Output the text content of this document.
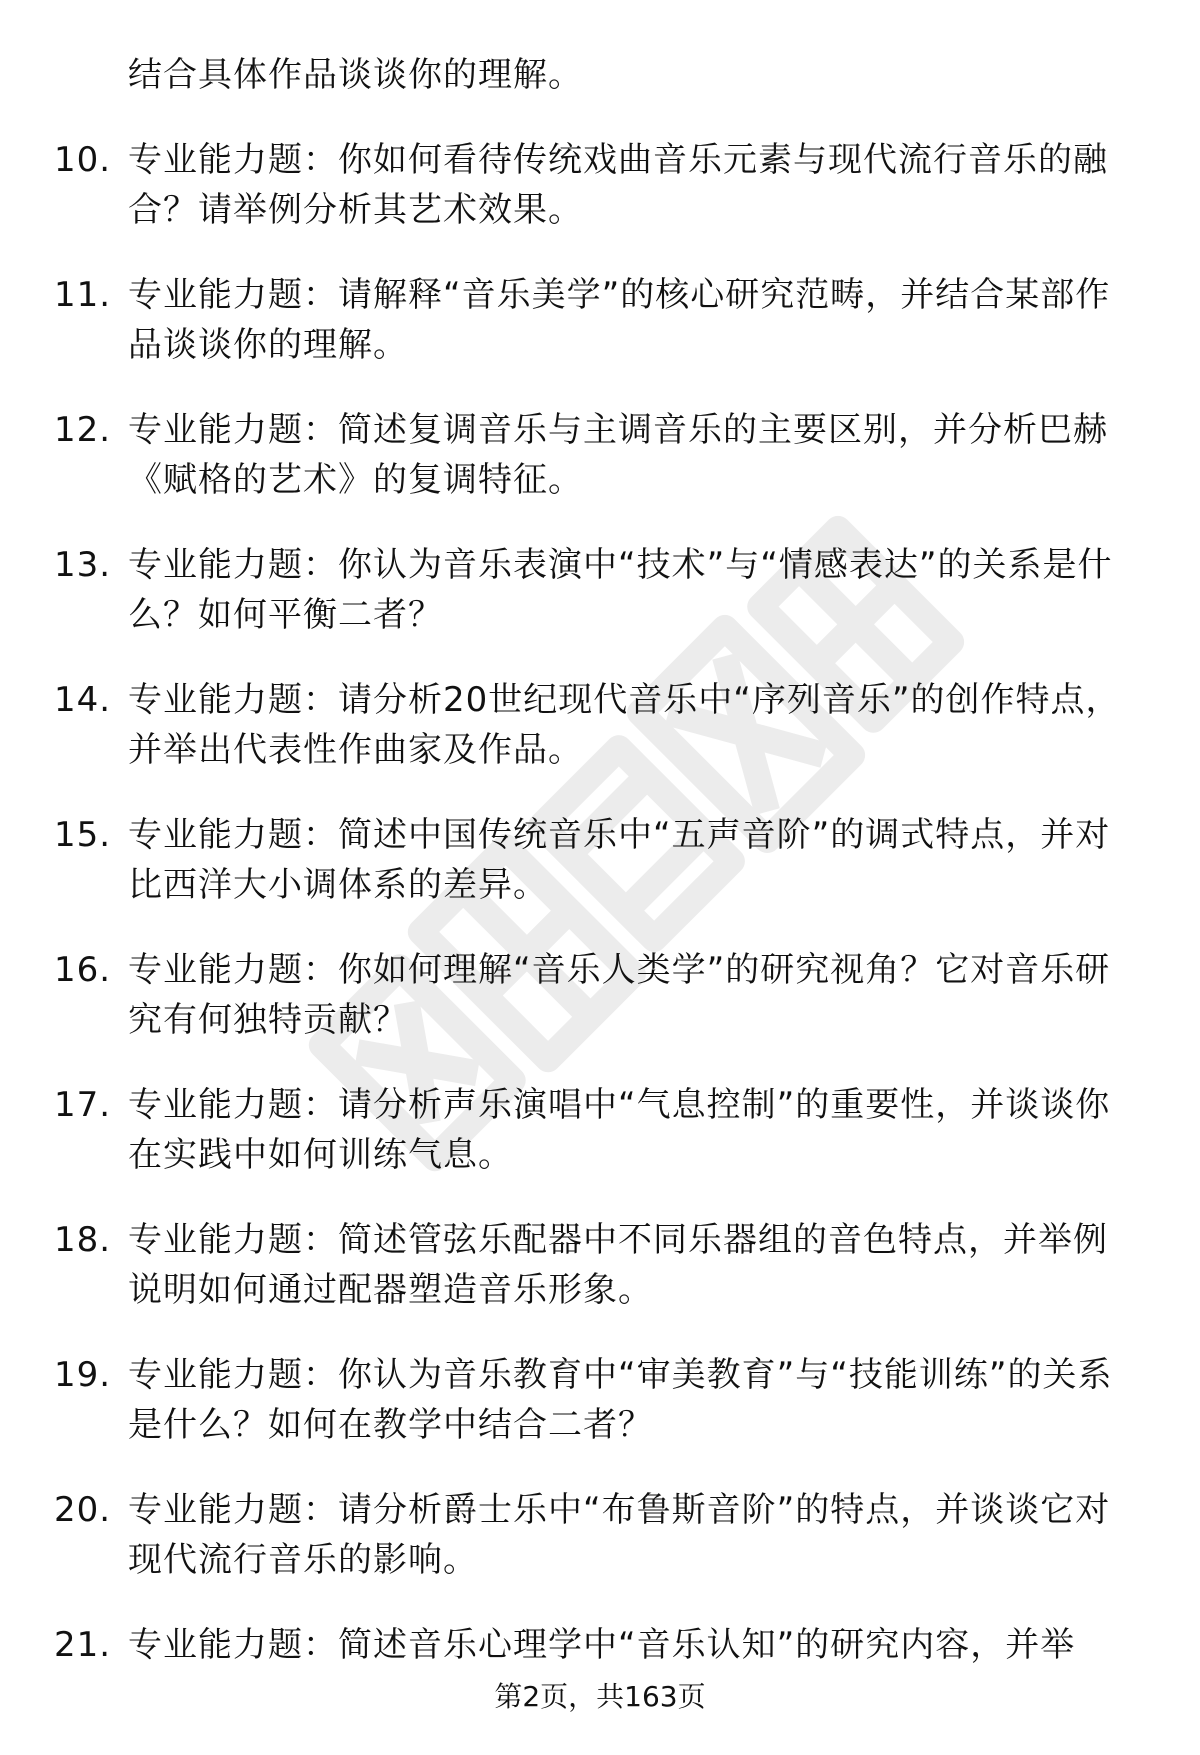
结合具体作品谈谈你的理解。
10. 专业能力题：你如何看待传统戏曲音乐元素与现代流行音乐的融合？请举例分析其艺术效果。
11. 专业能力题：请解释“音乐美学”的核心研究范畴，并结合某部作品谈谈你的理解。
12. 专业能力题：简述复调音乐与主调音乐的主要区别，并分析巴赫《赋格的艺术》的复调特征。
13. 专业能力题：你认为音乐表演中“技术”与“情感表达”的关系是什么？如何平衡二者？
14. 专业能力题：请分析20世纪现代音乐中“序列音乐”的创作特点，并举出代表性作曲家及作品。
15. 专业能力题：简述中国传统音乐中“五声音阶”的调式特点，并对比西洋大小调体系的差异。
16. 专业能力题：你如何理解“音乐人类学”的研究视角？它对音乐研究有何独特贡献？
17. 专业能力题：请分析声乐演唱中“气息控制”的重要性，并谈谈你在实践中如何训练气息。
18. 专业能力题：简述管弦乐配器中不同乐器组的音色特点，并举例说明如何通过配器塑造音乐形象。
19. 专业能力题：你认为音乐教育中“审美教育”与“技能训练”的关系是什么？如何在教学中结合二者？
20. 专业能力题：请分析爵士乐中“布鲁斯音阶”的特点，并谈谈它对现代流行音乐的影响。
21. 专业能力题：简述音乐心理学中“音乐认知”的研究内容，并举
第2页，共163页
